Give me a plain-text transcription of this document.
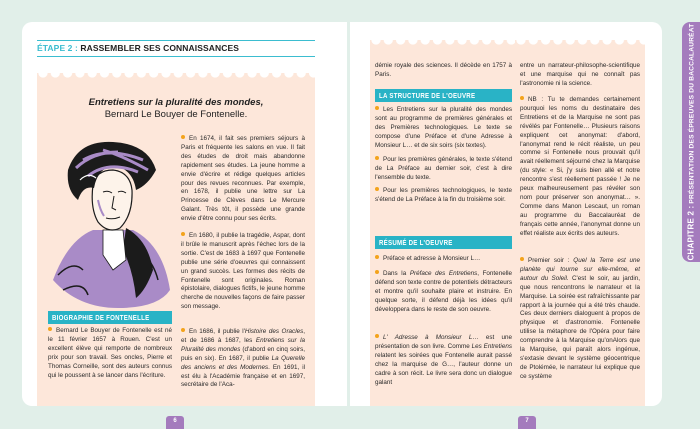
ÉTAPE 2 : RASSEMBLER SES CONNAISSANCES
Entretiens sur la pluralité des mondes,
Bernard Le Bouyer de Fontenelle.
En 1674, il fait ses premiers séjours à Paris et fréquente les salons en vue. Il fait des études de droit mais abandonne rapidement ses études. La jeune homme a envie d'écrire et rédige quelques articles pour des revues reconnues. Par exemple, en 1678, il publie une lettre sur La Princesse de Clèves dans Le Mercure Galant. Très tôt, il possède une grande envie d'être connu pour ses écrits.
En 1680, il publie la tragédie, Aspar, dont il brûle le manuscrit après l'échec lors de la sortie. C'est de 1683 à 1697 que Fontenelle publie une série d'oeuvres qui connaissent un grand succès. Les formes des récits de Fontenelle sont originales. Roman épistolaire, dialogues fictifs, le jeune homme cherche de nouvelles façons de faire passer son message.
En 1686, il publie l'Histoire des Oracles, et de 1686 à 1687, les Entretiens sur la Pluralité des mondes (d'abord en cinq soirs, puis en six). En 1687, il publie La Querelle des anciens et des Modernes. En 1691, il est élu à l'Académie française et en 1697, secrétaire de l'Aca-
BIOGRAPHIE DE FONTENELLE
Bernard Le Bouyer de Fontenelle est né le 11 février 1657 à Rouen. C'est un excellent élève qui remporte de nombreux prix pour son travail. Ses oncles, Pierre et Thomas Corneille, sont des auteurs connus qui le poussent à se lancer dans l'écriture.
démie royale des sciences. Il décède en 1757 à Paris.
LA STRUCTURE DE L'OEUVRE
Les Entretiens sur la pluralité des mondes sont au programme de premières générales et des Premières technologiques. Le texte se compose d'une Préface et d'une Adresse à Monsieur L… et de six soirs (six textes).
Pour les premières générales, le texte s'étend de La Préface au dernier soir, c'est à dire l'ensemble du texte.
Pour les premières technologiques, le texte s'étend de La Préface à la fin du troisième soir.
RÉSUMÉ DE L'OEUVRE
Préface et adresse à Monsieur L…
Dans la Préface des Entretiens, Fontenelle défend son texte contre de potentiels détracteurs et montre qu'il souhaite plaire et instruire. En quelque sorte, il défend déjà les idées qu'il développera dans le reste de son oeuvre.
L' Adresse à Monsieur L… est une présentation de son livre. Comme Les Entretiens relatent les soirées que Fontenelle aurait passé chez la marquise de G…, l'auteur donne un cadre à son récit. Le livre sera donc un dialogue galant
entre un narrateur-philosophe-scientifique et une marquise qui ne connaît pas l'astronomie ni la science.
NB : Tu te demandes certainement pourquoi les noms du destinataire des Entretiens et de la Marquise ne sont pas révélés par Fontenelle… Plusieurs raisons expliquent cet anonymat: d'abord, l'anonymat rend le récit réaliste, un peu comme si Fontenelle nous prouvait qu'il avait réellement séjourné chez la Marquise (du style: « Si, j'y suis bien allé et notre rencontre s'est réellement passée ! Je ne peux malheureusement pas révéler son nom pour préserver son anonymat… ». Comme dans Manon Lescaut, un roman au programme du Baccalauréat de français cette année, l'anonymat donne un effet réaliste aux écrits des auteurs.
Premier soir : Quel la Terre est une planète qui tourne sur elle-même, et autour du Soleil. C'est le soir, au jardin, que nous rencontrons le narrateur et la Marquise. La soirée est rafraîchissante par rapport à la journée qui a été très chaude. Ces deux derniers dialoguent à propos de physique et d'astronomie. Fontenelle utilise la métaphore de l'Opéra pour faire comprendre à la Marquise qu'onAlors que la Marquise, qui paraît alors ingénue, s'extasie devant le système géocentrique de Ptolémée, le narrateur lui explique que ce système
6	7
CHAPITRE 2 : PRÉSENTATION DES ÉPREUVES DU BACCALAURÉAT
